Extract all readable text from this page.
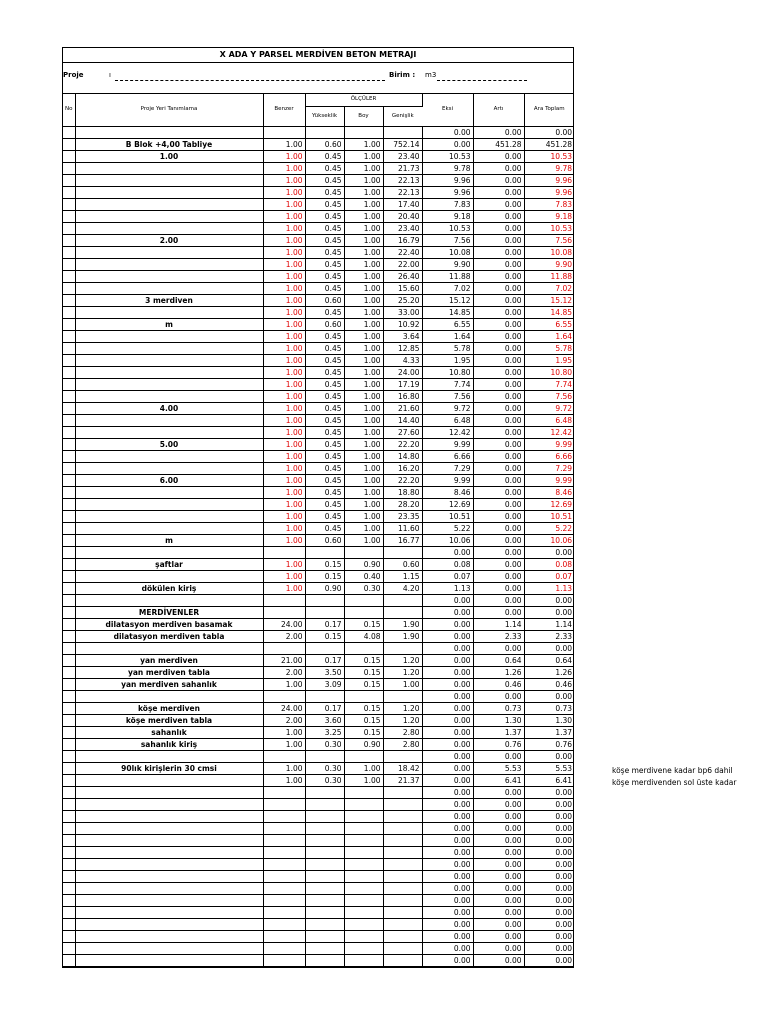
X ADA Y PARSEL MERDİVEN BETON METRAJI
Proje	ı	Birim : m3
No	Proje Yeri Tanımlama	Benzer	ÖLÇÜLER			Eksi	Artı	Ara Toplam
			Yükseklik	Boy	Genişlik			
						0.00	0.00	0.00
	B Blok +4,00 Tabliye	1.00	0.60	1.00	752.14	0.00	451.28	451.28
	1.00	1.00	0.45	1.00	23.40	10.53	0.00	10.53
		1.00	0.45	1.00	21.73	9.78	0.00	9.78
		1.00	0.45	1.00	22.13	9.96	0.00	9.96
		1.00	0.45	1.00	22.13	9.96	0.00	9.96
		1.00	0.45	1.00	17.40	7.83	0.00	7.83
		1.00	0.45	1.00	20.40	9.18	0.00	9.18
		1.00	0.45	1.00	23.40	10.53	0.00	10.53
	2.00	1.00	0.45	1.00	16.79	7.56	0.00	7.56
		1.00	0.45	1.00	22.40	10.08	0.00	10.08
		1.00	0.45	1.00	22.00	9.90	0.00	9.90
		1.00	0.45	1.00	26.40	11.88	0.00	11.88
		1.00	0.45	1.00	15.60	7.02	0.00	7.02
	3 merdiven	1.00	0.60	1.00	25.20	15.12	0.00	15.12
		1.00	0.45	1.00	33.00	14.85	0.00	14.85
	m	1.00	0.60	1.00	10.92	6.55	0.00	6.55
		1.00	0.45	1.00	3.64	1.64	0.00	1.64
		1.00	0.45	1.00	12.85	5.78	0.00	5.78
		1.00	0.45	1.00	4.33	1.95	0.00	1.95
		1.00	0.45	1.00	24.00	10.80	0.00	10.80
		1.00	0.45	1.00	17.19	7.74	0.00	7.74
		1.00	0.45	1.00	16.80	7.56	0.00	7.56
	4.00	1.00	0.45	1.00	21.60	9.72	0.00	9.72
		1.00	0.45	1.00	14.40	6.48	0.00	6.48
		1.00	0.45	1.00	27.60	12.42	0.00	12.42
	5.00	1.00	0.45	1.00	22.20	9.99	0.00	9.99
		1.00	0.45	1.00	14.80	6.66	0.00	6.66
		1.00	0.45	1.00	16.20	7.29	0.00	7.29
	6.00	1.00	0.45	1.00	22.20	9.99	0.00	9.99
		1.00	0.45	1.00	18.80	8.46	0.00	8.46
		1.00	0.45	1.00	28.20	12.69	0.00	12.69
		1.00	0.45	1.00	23.35	10.51	0.00	10.51
		1.00	0.45	1.00	11.60	5.22	0.00	5.22
	m	1.00	0.60	1.00	16.77	10.06	0.00	10.06
						0.00	0.00	0.00
	şaftlar	1.00	0.15	0.90	0.60	0.08	0.00	0.08
		1.00	0.15	0.40	1.15	0.07	0.00	0.07
	dökülen kiriş	1.00	0.90	0.30	4.20	1.13	0.00	1.13
						0.00	0.00	0.00
	MERDİVENLER					0.00	0.00	0.00
	dilatasyon merdiven basamak	24.00	0.17	0.15	1.90	0.00	1.14	1.14
	dilatasyon merdiven tabla	2.00	0.15	4.08	1.90	0.00	2.33	2.33
						0.00	0.00	0.00
	yan merdiven	21.00	0.17	0.15	1.20	0.00	0.64	0.64
	yan merdiven tabla	2.00	3.50	0.15	1.20	0.00	1.26	1.26
	yan merdiven sahanlık	1.00	3.09	0.15	1.00	0.00	0.46	0.46
						0.00	0.00	0.00
	köşe merdiven	24.00	0.17	0.15	1.20	0.00	0.73	0.73
	köşe merdiven tabla	2.00	3.60	0.15	1.20	0.00	1.30	1.30
	sahanlık	1.00	3.25	0.15	2.80	0.00	1.37	1.37
	sahanlık kiriş	1.00	0.30	0.90	2.80	0.00	0.76	0.76
						0.00	0.00	0.00
	90lık kirişlerin 30 cmsi	1.00	0.30	1.00	18.42	0.00	5.53	5.53
		1.00	0.30	1.00	21.37	0.00	6.41	6.41
						0.00	0.00	0.00
						0.00	0.00	0.00
						0.00	0.00	0.00
						0.00	0.00	0.00
						0.00	0.00	0.00
						0.00	0.00	0.00
						0.00	0.00	0.00
						0.00	0.00	0.00
						0.00	0.00	0.00
						0.00	0.00	0.00
						0.00	0.00	0.00
						0.00	0.00	0.00
						0.00	0.00	0.00
						0.00	0.00	0.00
						0.00	0.00	0.00
köşe merdivene kadar bp6 dahil
köşe merdivenden sol üste kadar
